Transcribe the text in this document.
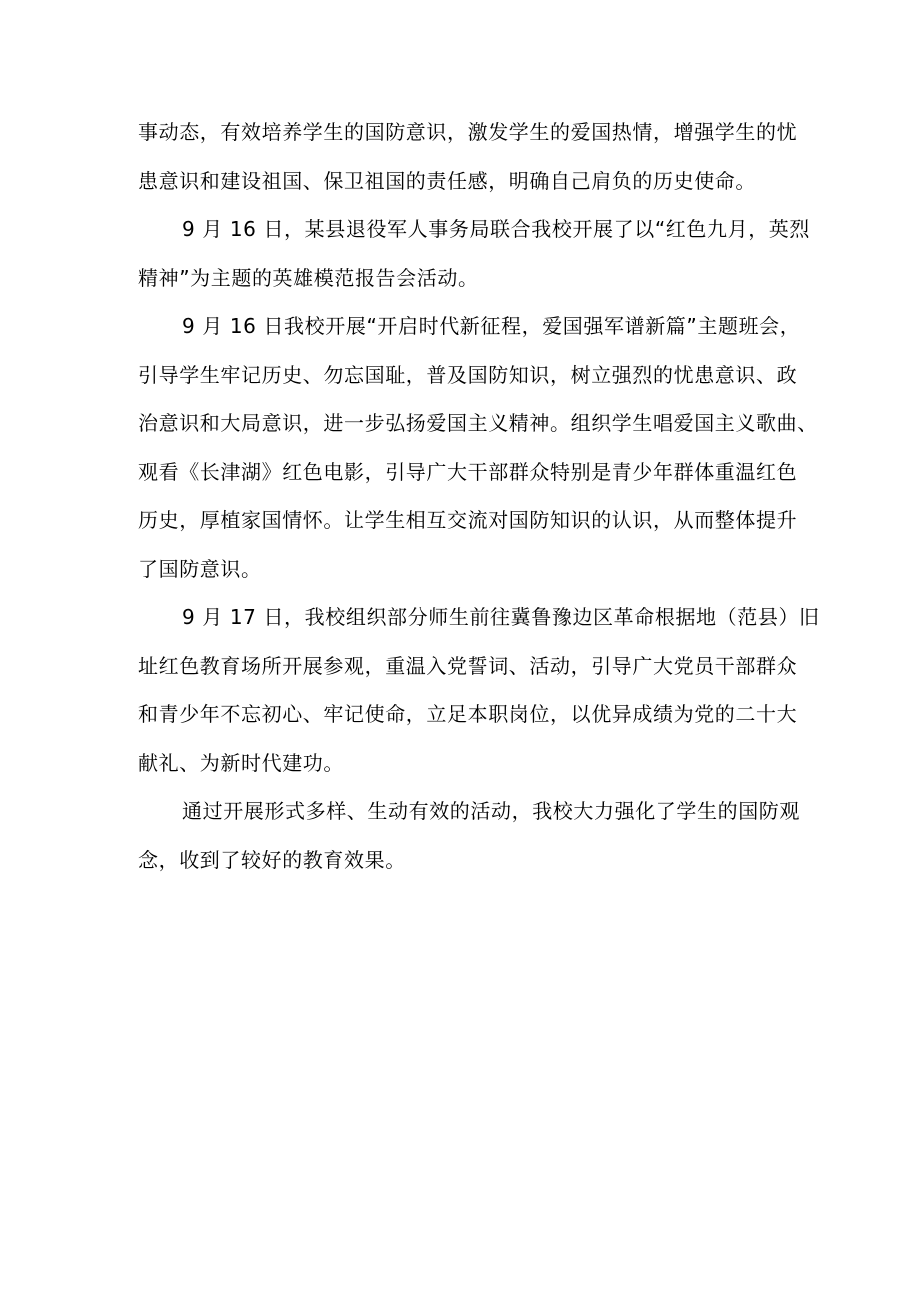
事动态，有效培养学生的国防意识，激发学生的爱国热情，增强学生的忧
患意识和建设祖国、保卫祖国的责任感，明确自己肩负的历史使命。
9 月 16 日，某县退役军人事务局联合我校开展了以“红色九月，英烈
精神”为主题的英雄模范报告会活动。
9 月 16 日我校开展“开启时代新征程，爱国强军谱新篇”主题班会，
引导学生牢记历史、勿忘国耻，普及国防知识，树立强烈的忧患意识、政
治意识和大局意识，进一步弘扬爱国主义精神。组织学生唱爱国主义歌曲、
观看《长津湖》红色电影，引导广大干部群众特别是青少年群体重温红色
历史，厚植家国情怀。让学生相互交流对国防知识的认识，从而整体提升
了国防意识。
9 月 17 日，我校组织部分师生前往冀鲁豫边区革命根据地（范县）旧
址红色教育场所开展参观，重温入党誓词、活动，引导广大党员干部群众
和青少年不忘初心、牢记使命，立足本职岗位，以优异成绩为党的二十大
献礼、为新时代建功。
通过开展形式多样、生动有效的活动，我校大力强化了学生的国防观
念，收到了较好的教育效果。
